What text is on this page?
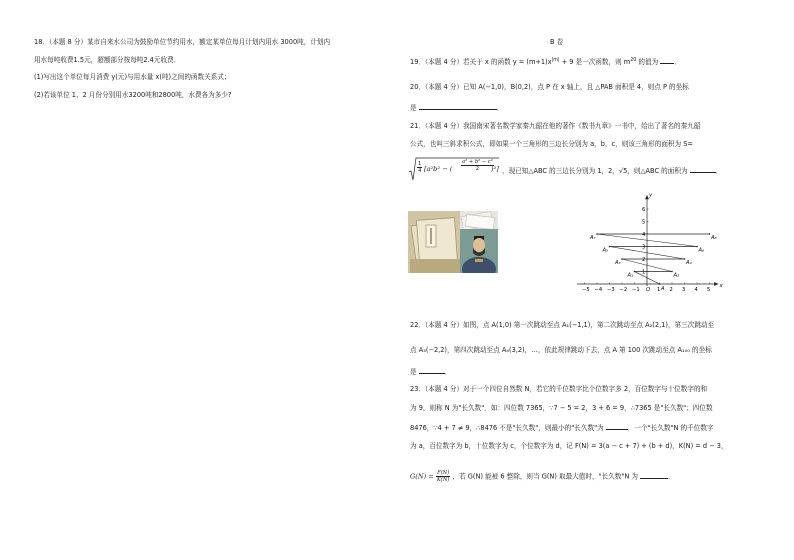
18．（本题 8 分）某市自来水公司为鼓励单位节约用水，额定某单位每月计划内用水 3000吨，计划内
用水每吨收费1.5元，超额部分按每吨2.4元收费．
(1)写出这个单位每月消费 y(元)与用水量 x(吨)之间的函数关系式；
(2)若该单位 1、2 月份分别用水3200吨和2800吨，水费各为多少?
B 卷
19．（本题 4 分）若关于 x 的函数 $y = (m+1)x^{|m|} + 9$ 是一次函数，则 $m^{20}$ 的值为 ．
20．（本题 4 分）已知 A(−1,0)，B(0,2)，点 P 在 x 轴上，且 △PAB 面积是 4，则点 P 的坐标
是	．
21．（本题 4 分）我国南宋著名数学家秦九韶在他的著作《数书九章》一书中，给出了著名的秦九韶
公式，也叫三斜求积公式，即如果一个三角形的三边长分别为 a，b，c，则该三角形的面积为 S=
$\frac{1}{4} [a^2b^2$ − ( $\frac{\text{a² + b² − c²}}{2}$
)²] ，现已知△ABC 的三边长分别为 1，2，√5，则△ABC 的面积为	．
x
y
−5 −4 −3 −2 −1 O 1 2 3 4 5
1
2
3
4
5
6
A
A₁	A₂
A₃	A₄
A₅	A₆
A₇	A₈
22．（本题 4 分）如图，点 A(1,0) 第一次跳动至点 A₁(−1,1)，第二次跳动至点 A₂(2,1)，第三次跳动至
点 A₃(−2,2)，第四次跳动至点 A₄(3,2)，…，依此规律跳动下去，点 A 第 100 次跳动至点 A₁₀₀ 的坐标
是	．
23．（本题 4 分）对于一个四位自然数 N，若它的千位数字比个位数字多 2，百位数字与十位数字的和
为 9，则称 N 为"长久数"．如：四位数 7365，∵7 − 5 = 2，3 + 6 = 9，∴7365 是"长久数"；四位数
8476，∵4 + 7 ≠ 9，∴8476 不是"长久数"，则最小的"长久数"为	．一个"长久数"N 的千位数字
为 a，百位数字为 b，十位数字为 c，个位数字为 d，记 F(N) = 3(a − c + 7) + (b + d)，K(N) = d − 3，
$G(N) = \frac{F(N)}{K(N)}$ ，若 G(N) 能被 6 整除，则当 G(N) 取最大值时，"长久数"N 为	．
